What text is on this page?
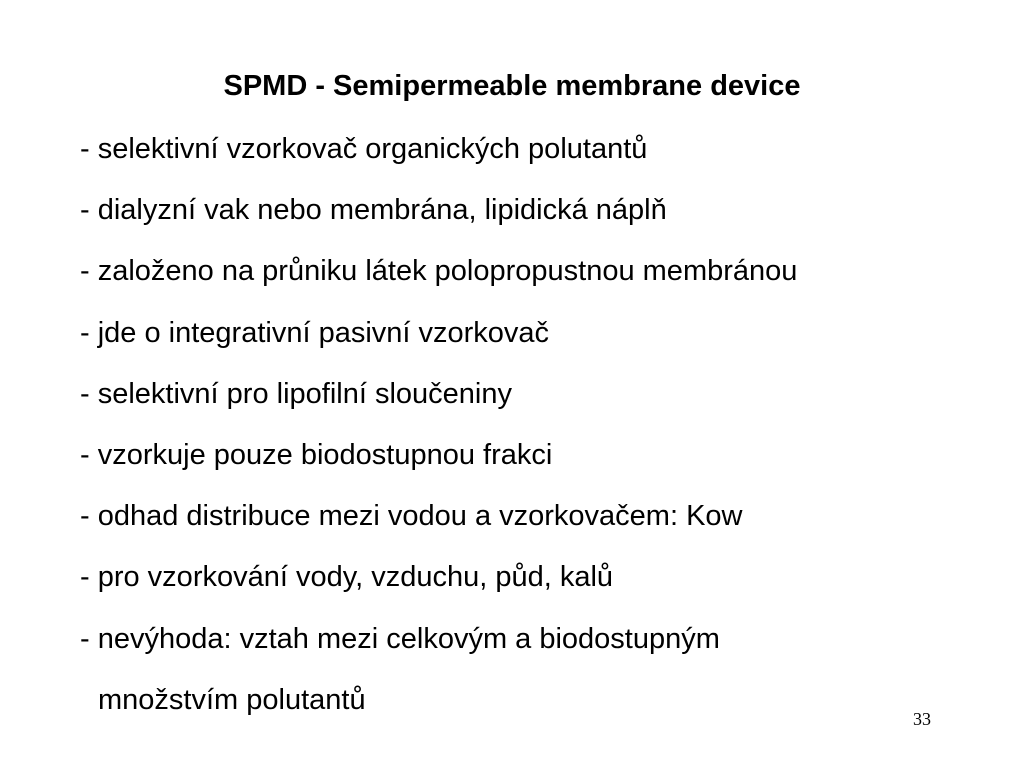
SPMD - Semipermeable membrane device
- selektivní vzorkovač organických polutantů
- dialyzní vak nebo membrána, lipidická náplň
- založeno na průniku látek polopropustnou membránou
- jde o integrativní pasivní vzorkovač
- selektivní pro lipofilní sloučeniny
- vzorkuje pouze biodostupnou frakci
- odhad distribuce mezi vodou a vzorkovačem: Kow
- pro vzorkování vody, vzduchu, půd, kalů
- nevýhoda: vztah mezi celkovým a biodostupným
množstvím polutantů
33
